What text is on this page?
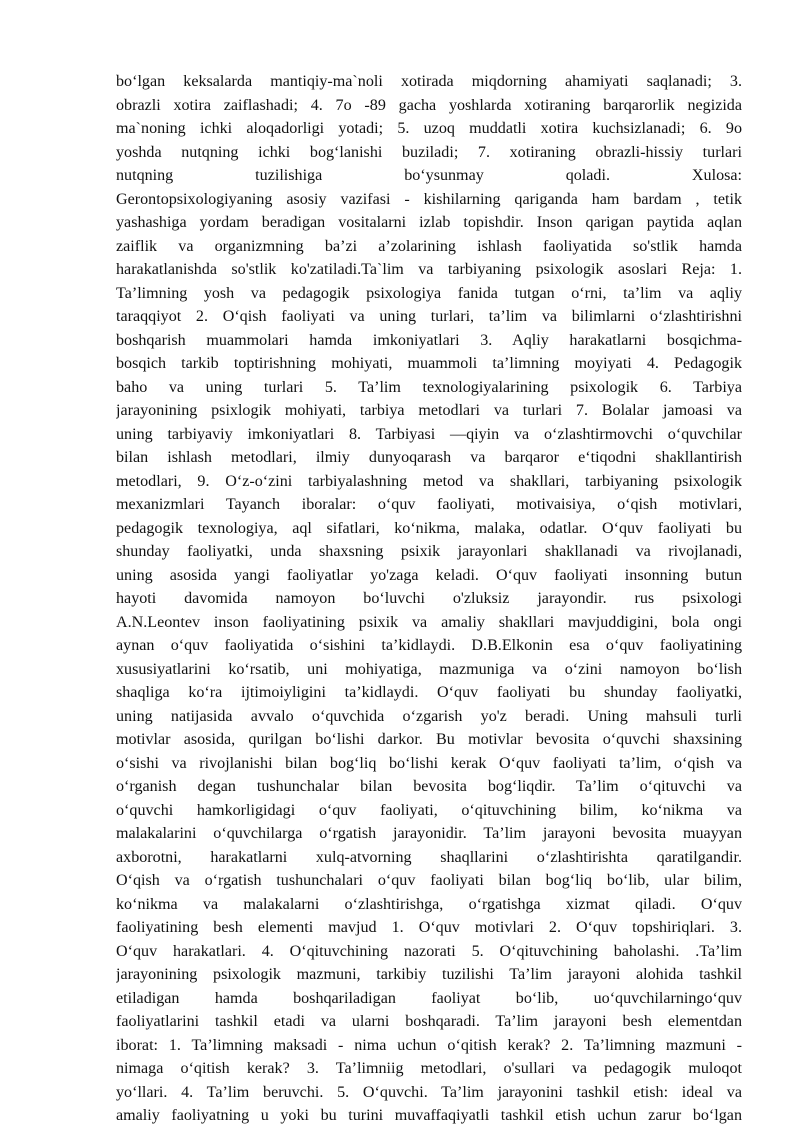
bo‘lgan keksalarda mantiqiy-ma`noli xotirada miqdorning ahamiyati saqlanadi; 3.
obrazli xotira zaiflashadi; 4. 7o -89 gacha yoshlarda xotiraning barqarorlik negizida
ma`noning ichki aloqadorligi yotadi; 5. uzoq muddatli xotira kuchsizlanadi; 6. 9o
yoshda nutqning ichki bog‘lanishi buziladi; 7. xotiraning obrazli-hissiy turlari
nutqning tuzilishiga bo‘ysunmay qoladi. Xulosa:
Gerontopsixologiyaning asosiy vazifasi - kishilarning qariganda ham bardam , tetik
yashashiga yordam beradigan vositalarni izlab topishdir. Inson qarigan paytida aqlan
zaiflik va organizmning ba’zi a’zolarining ishlash faoliyatida so'stlik hamda
harakatlanishda so'stlik ko'zatiladi.Ta`lim va tarbiyaning psixologik asoslari Reja: 1.
Ta’limning yosh va pedagogik psixologiya fanida tutgan o‘rni, ta’lim va aqliy
taraqqiyot 2. O‘qish faoliyati va uning turlari, ta’lim va bilimlarni o‘zlashtirishni
boshqarish muammolari hamda imkoniyatlari 3. Aqliy harakatlarni bosqichma-
bosqich tarkib toptirishning mohiyati, muammoli ta’limning moyiyati 4. Pedagogik
baho va uning turlari 5. Ta’lim texnologiyalarining psixologik 6. Tarbiya
jarayonining psixlogik mohiyati, tarbiya metodlari va turlari 7. Bolalar jamoasi va
uning tarbiyaviy imkoniyatlari 8. Tarbiyasi —qiyin va o‘zlashtirmovchi o‘quvchilar
bilan ishlash metodlari, ilmiy dunyoqarash va barqaror e‘tiqodni shakllantirish
metodlari, 9. O‘z-o‘zini tarbiyalashning metod va shakllari, tarbiyaning psixologik
mexanizmlari Tayanch iboralar: o‘quv faoliyati, motivaisiya, o‘qish motivlari,
pedagogik texnologiya, aql sifatlari, ko‘nikma, malaka, odatlar. O‘quv faoliyati bu
shunday faoliyatki, unda shaxsning psixik jarayonlari shakllanadi va rivojlanadi,
uning asosida yangi faoliyatlar yo'zaga keladi. O‘quv faoliyati insonning butun
hayoti davomida namoyon bo‘luvchi o'zluksiz jarayondir. rus psixologi
A.N.Leontev inson faoliyatining psixik va amaliy shakllari mavjuddigini, bola ongi
aynan o‘quv faoliyatida o‘sishini ta’kidlaydi. D.B.Elkonin esa o‘quv faoliyatining
xususiyatlarini ko‘rsatib, uni mohiyatiga, mazmuniga va o‘zini namoyon bo‘lish
shaqliga ko‘ra ijtimoiyligini ta’kidlaydi. O‘quv faoliyati bu shunday faoliyatki,
uning natijasida avvalo o‘quvchida o‘zgarish yo'z beradi. Uning mahsuli turli
motivlar asosida, qurilgan bo‘lishi darkor. Bu motivlar bevosita o‘quvchi shaxsining
o‘sishi va rivojlanishi bilan bog‘liq bo‘lishi kerak O‘quv faoliyati ta’lim, o‘qish va
o‘rganish degan tushunchalar bilan bevosita bog‘liqdir. Ta’lim o‘qituvchi va
o‘quvchi hamkorligidagi o‘quv faoliyati, o‘qituvchining bilim, ko‘nikma va
malakalarini o‘quvchilarga o‘rgatish jarayonidir. Ta’lim jarayoni bevosita muayyan
axborotni, harakatlarni xulq-atvorning shaqllarini o‘zlashtirishta qaratilgandir.
O‘qish va o‘rgatish tushunchalari o‘quv faoliyati bilan bog‘liq bo‘lib, ular bilim,
ko‘nikma va malakalarni o‘zlashtirishga, o‘rgatishga xizmat qiladi. O‘quv
faoliyatining besh elementi mavjud 1. O‘quv motivlari 2. O‘quv topshiriqlari. 3.
O‘quv harakatlari. 4. O‘qituvchining nazorati 5. O‘qituvchining baholashi. .Ta’lim
jarayonining psixologik mazmuni, tarkibiy tuzilishi Ta’lim jarayoni alohida tashkil
etiladigan hamda boshqariladigan faoliyat bo‘lib, uo‘quvchilarningo‘quv
faoliyatlarini tashkil etadi va ularni boshqaradi. Ta’lim jarayoni besh elementdan
iborat: 1. Ta’limning maksadi - nima uchun o‘qitish kerak? 2. Ta’limning mazmuni -
nimaga o‘qitish kerak? 3. Ta’limniig metodlari, o'sullari va pedagogik muloqot
yo‘llari. 4. Ta’lim beruvchi. 5. O‘quvchi. Ta’lim jarayonini tashkil etish: ideal va
amaliy faoliyatning u yoki bu turini muvaffaqiyatli tashkil etish uchun zarur bo‘lgan
